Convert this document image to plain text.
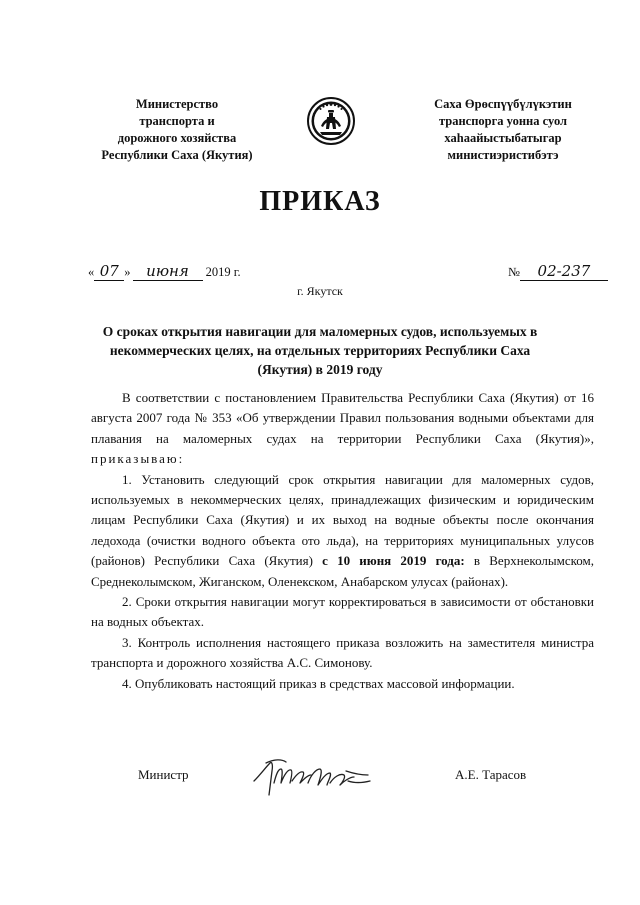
Министерство
транспорта и
дорожного хозяйства
Республики Саха (Якутия)
Саха Өрөспүүбүлүкэтин
транспорга уонна суол
хаһаайыстыбатыгар
министиэристибэтэ
ПРИКАЗ
« 07 » июня 2019 г.	№ 02-237
г. Якутск
О сроках открытия навигации для маломерных судов, используемых в некоммерческих целях, на отдельных территориях Республики Саха (Якутия) в 2019 году

В соответствии с постановлением Правительства Республики Саха (Якутия) от 16 августа 2007 года № 353 «Об утверждении Правил пользования водными объектами для плавания на маломерных судах на территории Республики Саха (Якутия)», приказываю:

1. Установить следующий срок открытия навигации для маломерных судов, используемых в некоммерческих целях, принадлежащих физическим и юридическим лицам Республики Саха (Якутия) и их выход на водные объекты после окончания ледохода (очистки водного объекта ото льда), на территориях муниципальных улусов (районов) Республики Саха (Якутия) с 10 июня 2019 года: в Верхнеколымском, Среднеколымском, Жиганском, Оленекском, Анабарском улусах (районах).

2. Сроки открытия навигации могут корректироваться в зависимости от обстановки на водных объектах.

3. Контроль исполнения настоящего приказа возложить на заместителя министра транспорта и дорожного хозяйства А.С. Симонову.

4. Опубликовать настоящий приказ в средствах массовой информации.

Министр	А.Е. Тарасов
